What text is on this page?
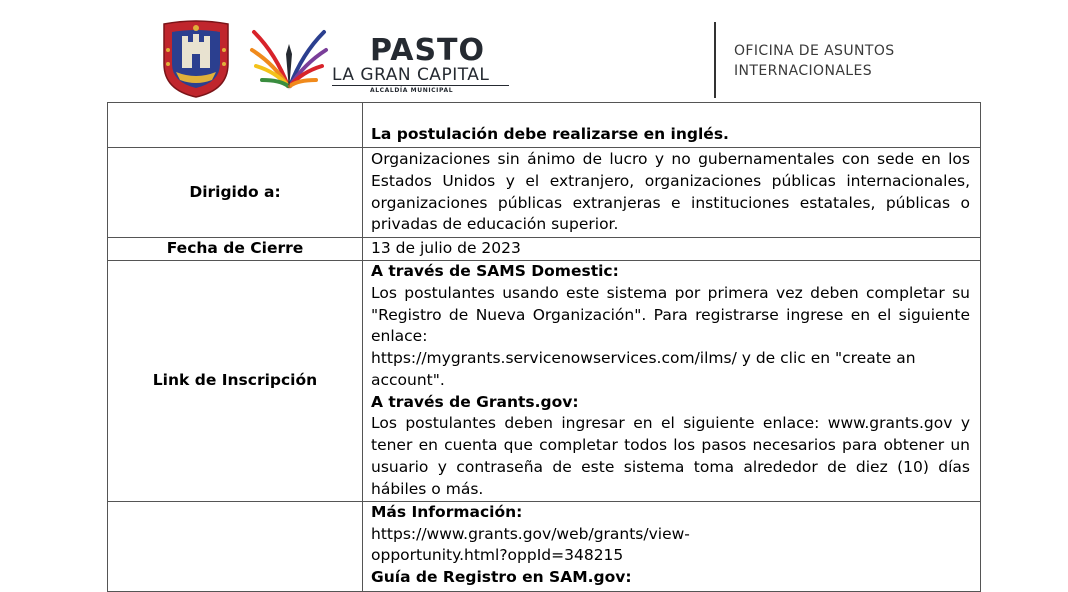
PASTO
LA GRAN CAPITAL
ALCALDÍA MUNICIPAL
OFICINA DE ASUNTOS
INTERNACIONALES
	La postulación debe realizarse en inglés.
Dirigido a:	Organizaciones sin ánimo de lucro y no gubernamentales con sede en los Estados Unidos y el extranjero, organizaciones públicas internacionales, organizaciones públicas extranjeras e instituciones estatales, públicas o privadas de educación superior.
Fecha de Cierre	13 de julio de 2023
Link de Inscripción	A través de SAMS Domestic:
Los postulantes usando este sistema por primera vez deben completar su "Registro de Nueva Organización". Para registrarse ingrese en el siguiente enlace:
https://mygrants.servicenowservices.com/ilms/ y de clic en "create an account".
A través de Grants.gov:
Los postulantes deben ingresar en el siguiente enlace: www.grants.gov y tener en cuenta que completar todos los pasos necesarios para obtener un usuario y contraseña de este sistema toma alrededor de diez (10) días hábiles o más.

	Más Información:
https://www.grants.gov/web/grants/view-
opportunity.html?oppId=348215
Guía de Registro en SAM.gov:
